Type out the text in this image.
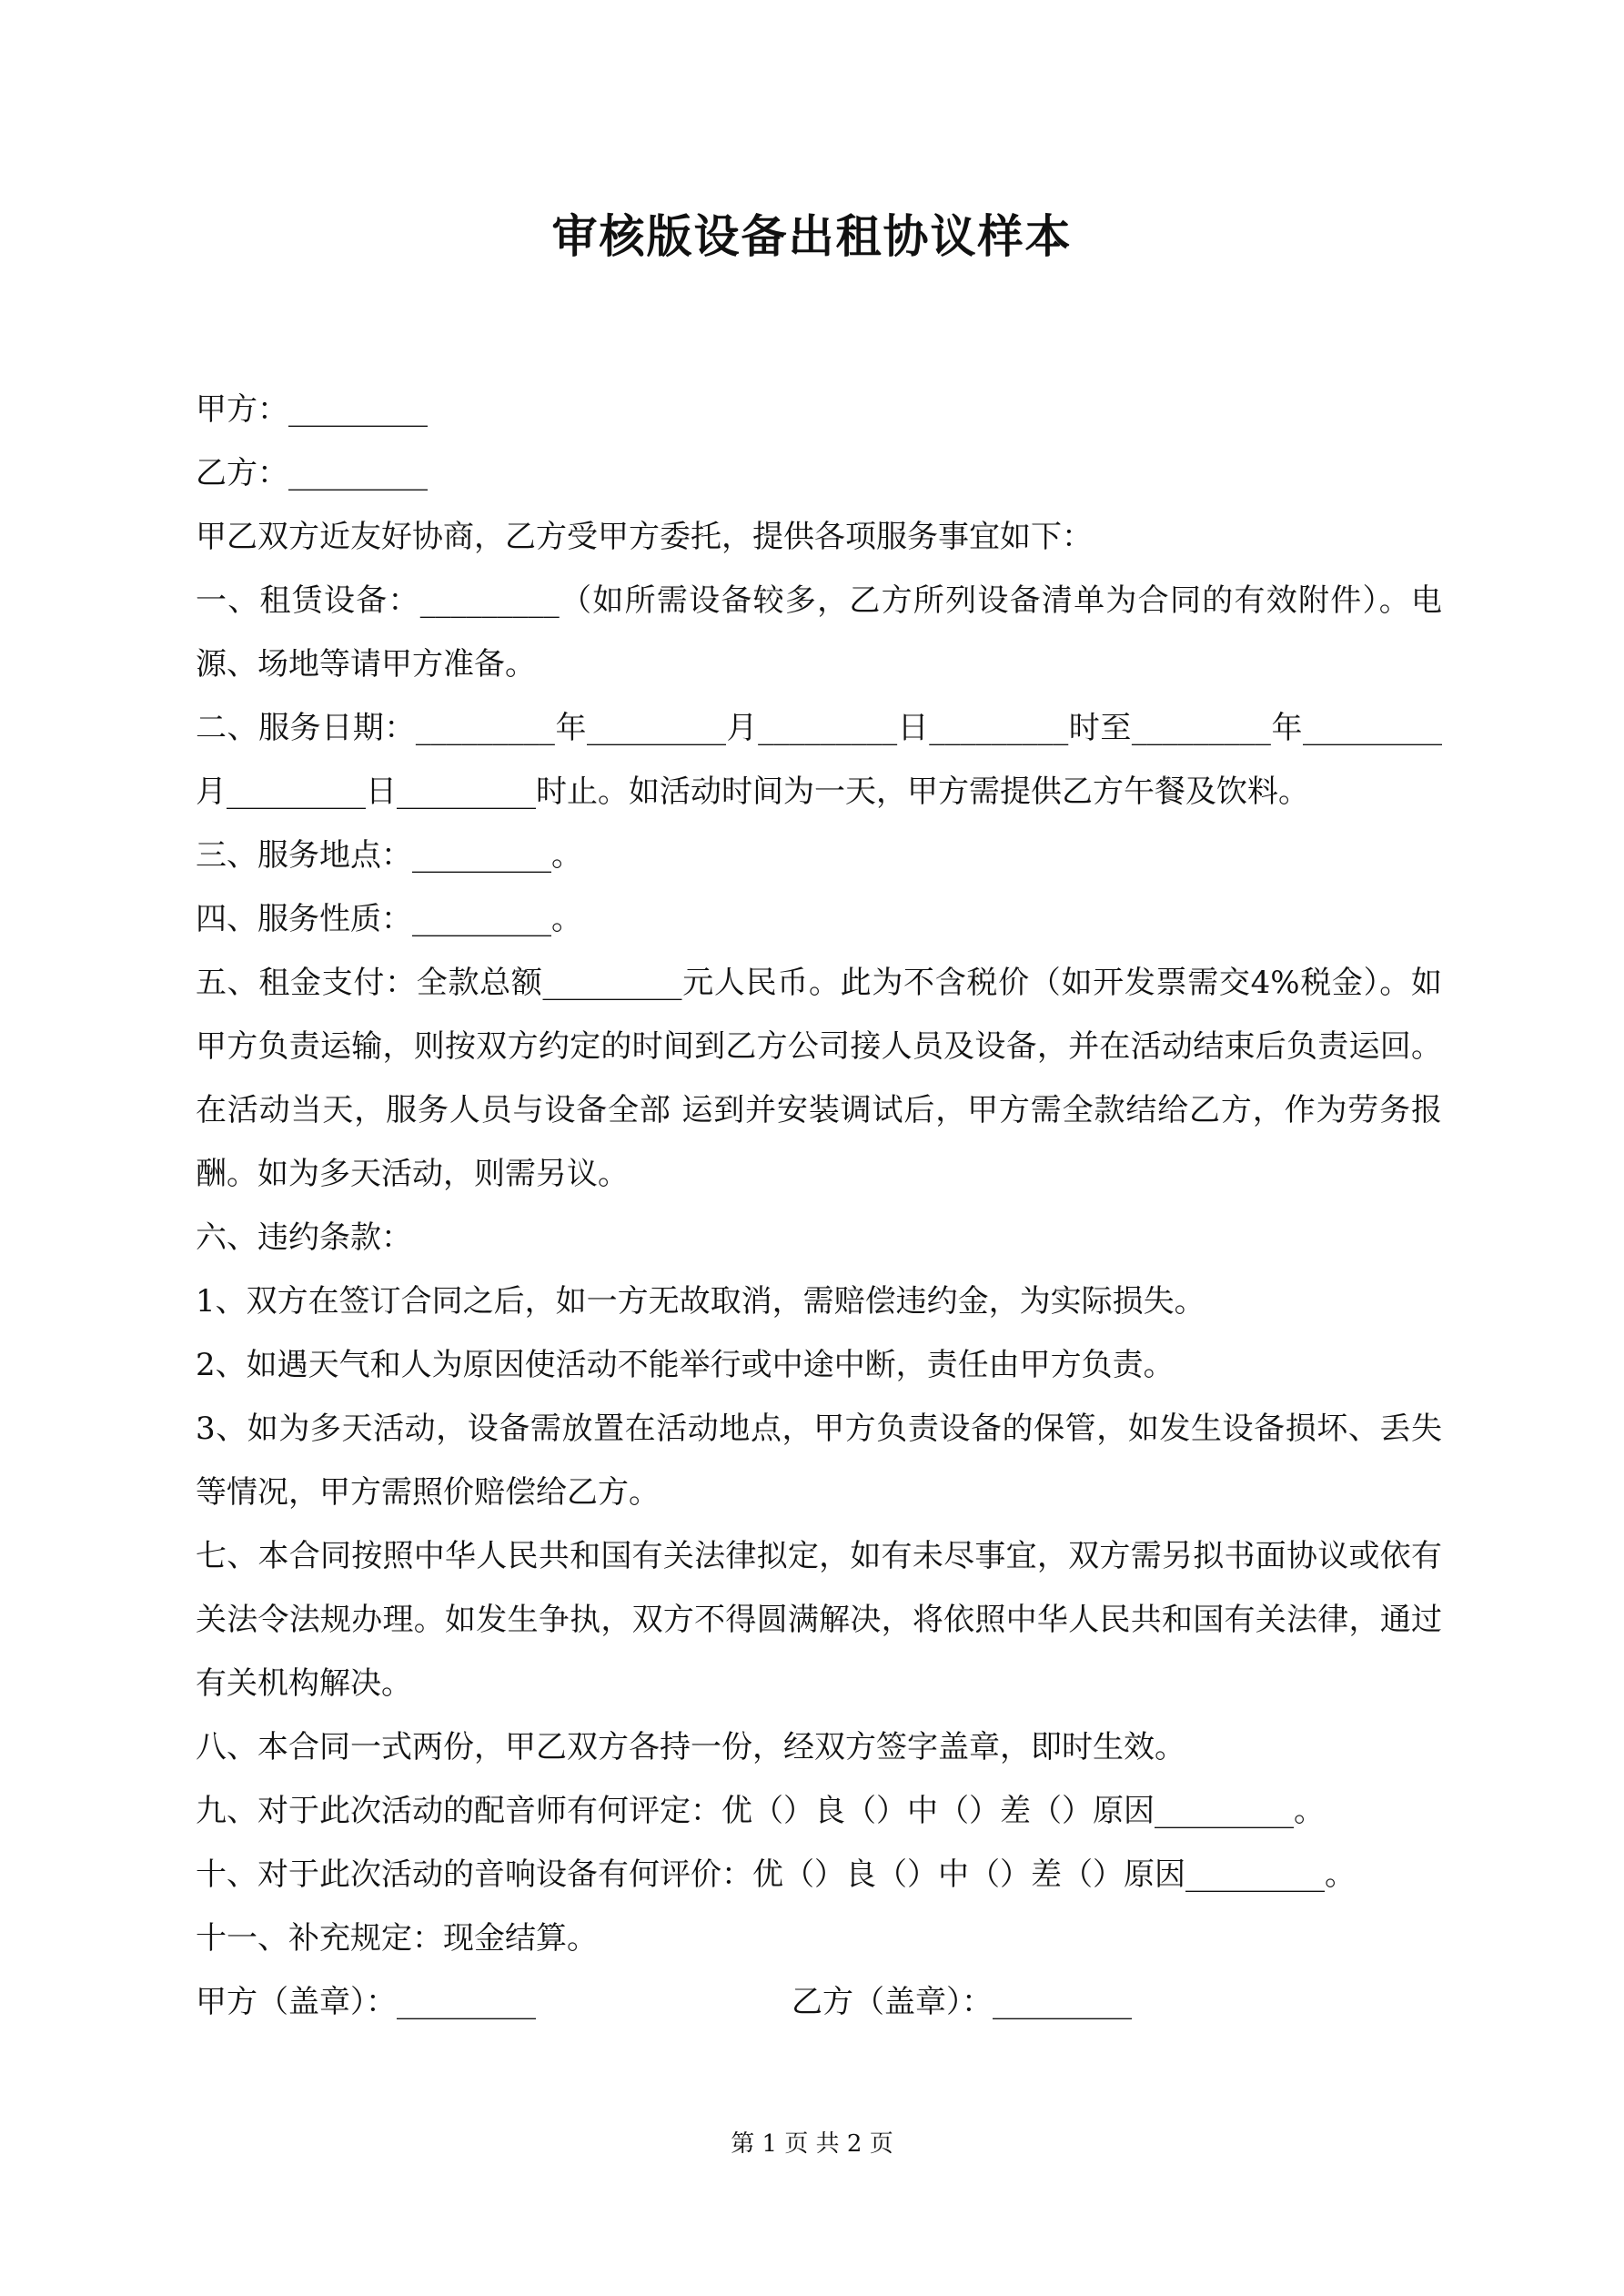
审核版设备出租协议样本

甲方：_________

乙方：_________

甲乙双方近友好协商，乙方受甲方委托，提供各项服务事宜如下：

一、租赁设备：_________（如所需设备较多，乙方所列设备清单为合同的有效附件）。电源、场地等请甲方准备。

二、服务日期：_________年_________月_________日_________时至_________年_________月_________日_________时止。如活动时间为一天，甲方需提供乙方午餐及饮料。

三、服务地点：_________。

四、服务性质：_________。

五、租金支付：全款总额_________元人民币。此为不含税价（如开发票需交4%税金）。如甲方负责运输，则按双方约定的时间到乙方公司接人员及设备，并在活动结束后负责运回。在活动当天，服务人员与设备全部 运到并安装调试后，甲方需全款结给乙方，作为劳务报酬。如为多天活动，则需另议。

六、违约条款：

1、双方在签订合同之后，如一方无故取消，需赔偿违约金，为实际损失。

2、如遇天气和人为原因使活动不能举行或中途中断，责任由甲方负责。

3、如为多天活动，设备需放置在活动地点，甲方负责设备的保管，如发生设备损坏、丢失等情况，甲方需照价赔偿给乙方。

七、本合同按照中华人民共和国有关法律拟定，如有未尽事宜，双方需另拟书面协议或依有关法令法规办理。如发生争执，双方不得圆满解决，将依照中华人民共和国有关法律，通过有关机构解决。

八、本合同一式两份，甲乙双方各持一份，经双方签字盖章，即时生效。

九、对于此次活动的配音师有何评定：优（）良（）中（）差（）原因_________。

十、对于此次活动的音响设备有何评价：优（）良（）中（）差（）原因_________。

十一、补充规定：现金结算。

甲方（盖章）：_________

	乙方（盖章）：_________

第 1 页 共 2 页
